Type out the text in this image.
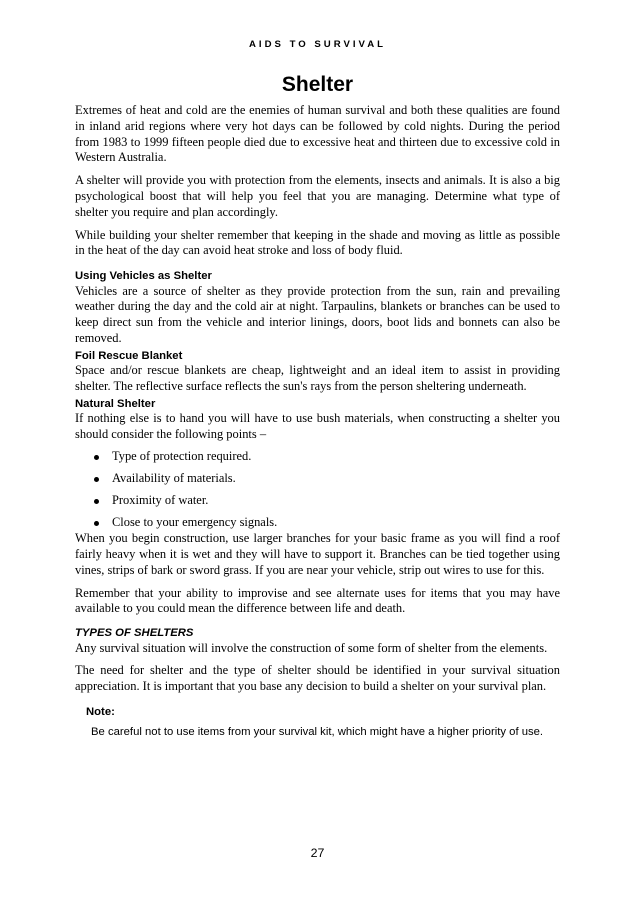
AIDS TO SURVIVAL

Shelter

Extremes of heat and cold are the enemies of human survival and both these qualities are found in inland arid regions where very hot days can be followed by cold nights. During the period from 1983 to 1999 fifteen people died due to excessive heat and thirteen due to excessive cold in Western Australia.

A shelter will provide you with protection from the elements, insects and animals. It is also a big psychological boost that will help you feel that you are managing. Determine what type of shelter you require and plan accordingly.

While building your shelter remember that keeping in the shade and moving as little as possible in the heat of the day can avoid heat stroke and loss of body fluid.

Using Vehicles as Shelter

Vehicles are a source of shelter as they provide protection from the sun, rain and prevailing weather during the day and the cold air at night. Tarpaulins, blankets or branches can be used to keep direct sun from the vehicle and interior linings, doors, boot lids and bonnets can also be removed.

Foil Rescue Blanket

Space and/or rescue blankets are cheap, lightweight and an ideal item to assist in providing shelter. The reflective surface reflects the sun's rays from the person sheltering underneath.

Natural Shelter

If nothing else is to hand you will have to use bush materials, when constructing a shelter you should consider the following points –

Type of protection required.
Availability of materials.
Proximity of water.
Close to your emergency signals.

When you begin construction, use larger branches for your basic frame as you will find a roof fairly heavy when it is wet and they will have to support it. Branches can be tied together using vines, strips of bark or sword grass. If you are near your vehicle, strip out wires to use for this.

Remember that your ability to improvise and see alternate uses for items that you may have available to you could mean the difference between life and death.

TYPES OF SHELTERS

Any survival situation will involve the construction of some form of shelter from the elements.

The need for shelter and the type of shelter should be identified in your survival situation appreciation. It is important that you base any decision to build a shelter on your survival plan.

Note:

Be careful not to use items from your survival kit, which might have a higher priority of use.

27
